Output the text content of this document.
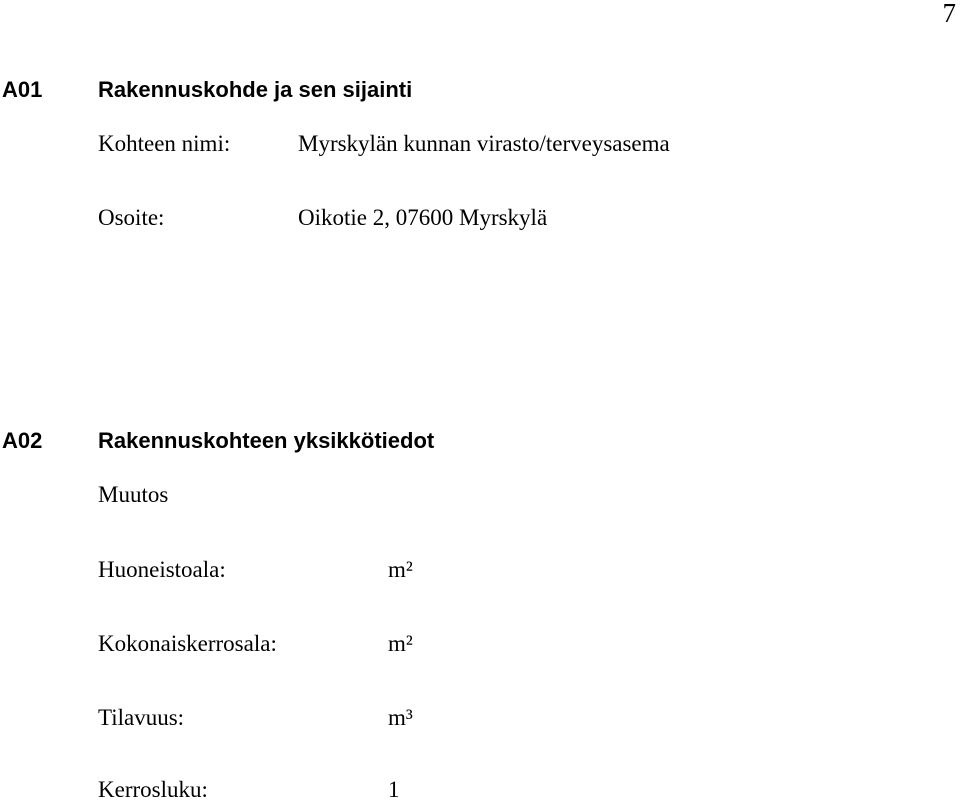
7
A01	Rakennuskohde ja sen sijainti
Kohteen nimi:	Myrskylän kunnan virasto/terveysasema
Osoite:	Oikotie 2, 07600 Myrskylä
A02	Rakennuskohteen yksikkötiedot
Muutos
Huoneistoala:	m²
Kokonaiskerrosala:	m²
Tilavuus:	m³
Kerrosluku:	1
